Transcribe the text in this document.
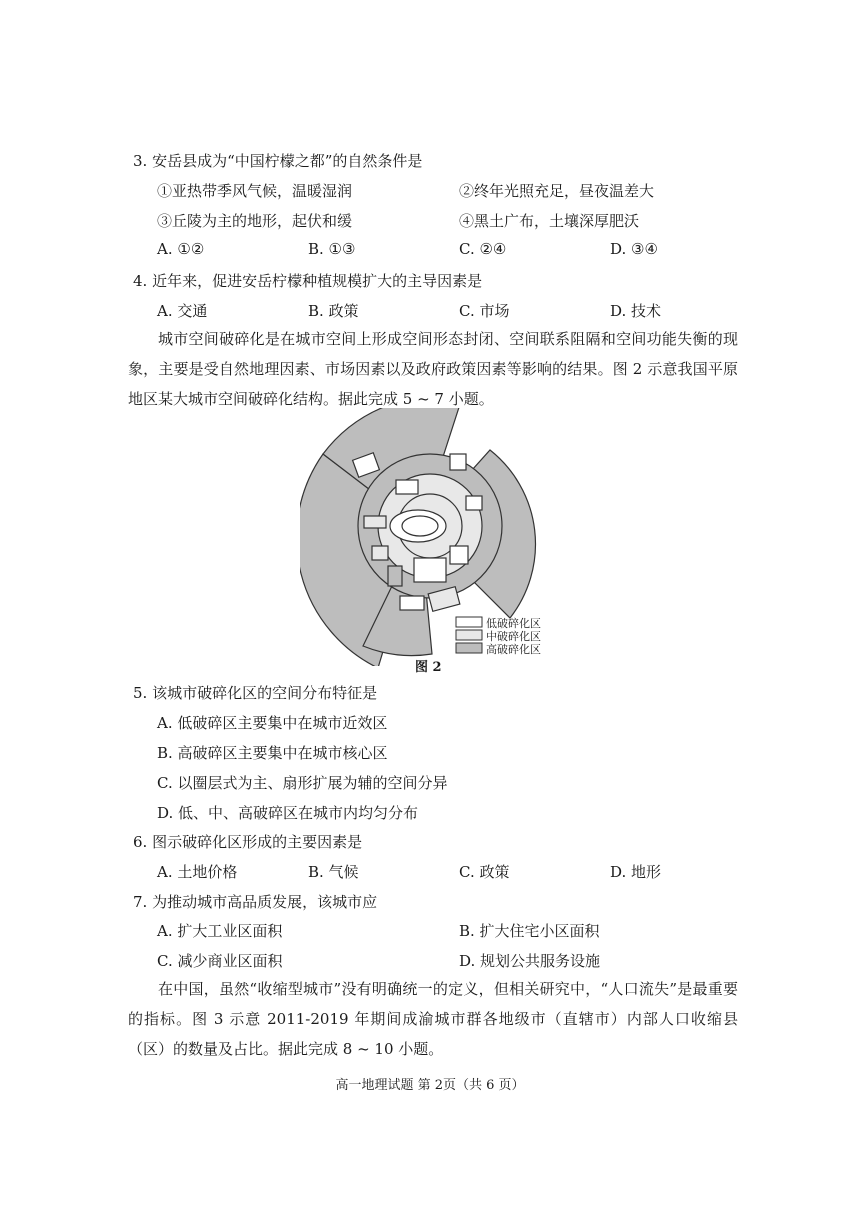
3. 安岳县成为“中国柠檬之都”的自然条件是
①亚热带季风气候，温暖湿润	②终年光照充足，昼夜温差大
③丘陵为主的地形，起伏和缓	④黑土广布，土壤深厚肥沃
A. ①②	B. ①③	C. ②④	D. ③④
4. 近年来，促进安岳柠檬种植规模扩大的主导因素是
A. 交通	B. 政策	C. 市场	D. 技术
城市空间破碎化是在城市空间上形成空间形态封闭、空间联系阻隔和空间功能失衡的现象，主要是受自然地理因素、市场因素以及政府政策因素等影响的结果。图 2 示意我国平原地区某大城市空间破碎化结构。据此完成 5 ~ 7 小题。
低破碎化区
中破碎化区
高破碎化区
图 2
5. 该城市破碎化区的空间分布特征是
A. 低破碎区主要集中在城市近效区
B. 高破碎区主要集中在城市核心区
C. 以圈层式为主、扇形扩展为辅的空间分异
D. 低、中、高破碎区在城市内均匀分布
6. 图示破碎化区形成的主要因素是
A. 土地价格	B. 气候	C. 政策	D. 地形
7. 为推动城市高品质发展，该城市应
A. 扩大工业区面积	B. 扩大住宅小区面积
C. 减少商业区面积	D. 规划公共服务设施
在中国，虽然“收缩型城市”没有明确统一的定义，但相关研究中，“人口流失”是最重要的指标。图 3 示意 2011-2019 年期间成渝城市群各地级市（直辖市）内部人口收缩县（区）的数量及占比。据此完成 8 ~ 10 小题。
高一地理试题 第 2页（共 6 页）
